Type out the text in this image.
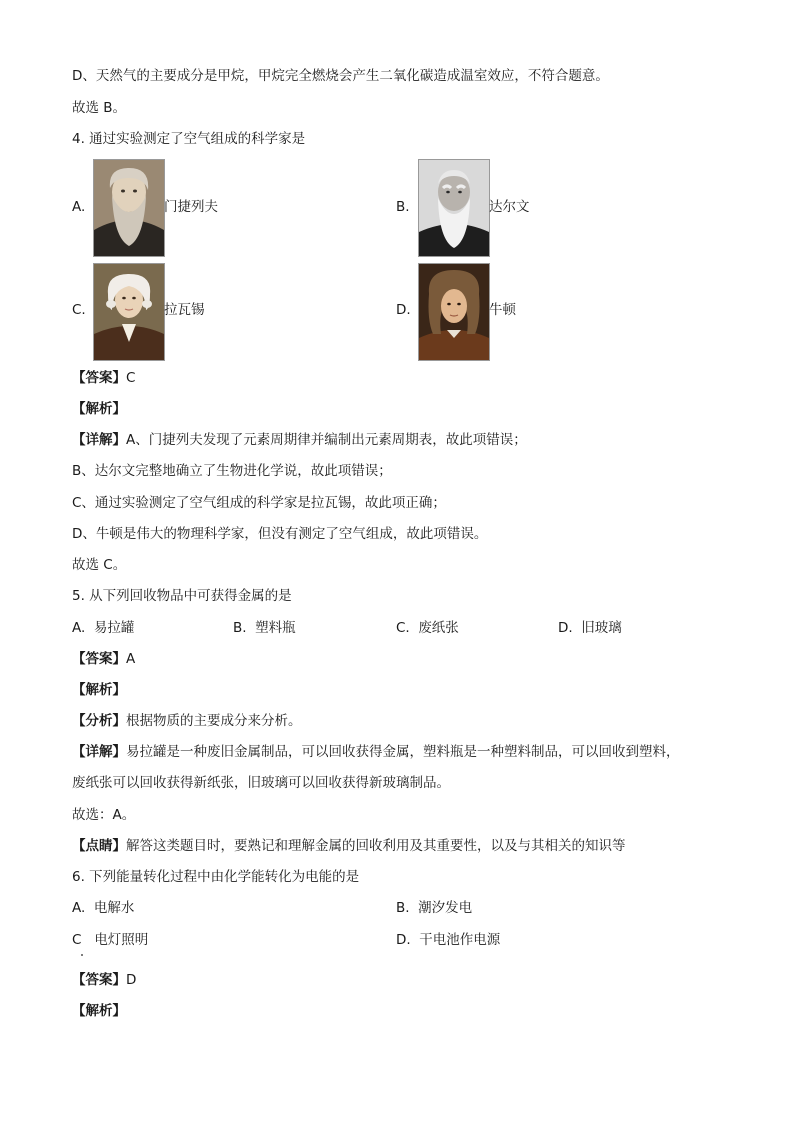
D、天然气的主要成分是甲烷，甲烷完全燃烧会产生二氧化碳造成温室效应，不符合题意。
故选 B。
4. 通过实验测定了空气组成的科学家是
A.	门捷列夫	B.	达尔文
C.	拉瓦锡	D.	牛顿
【答案】C
【解析】
【详解】A、门捷列夫发现了元素周期律并编制出元素周期表，故此项错误；
B、达尔文完整地确立了生物进化学说，故此项错误；
C、通过实验测定了空气组成的科学家是拉瓦锡，故此项正确；
D、牛顿是伟大的物理科学家，但没有测定了空气组成，故此项错误。
故选 C。
5. 从下列回收物品中可获得金属的是
A. 易拉罐	B. 塑料瓶	C. 废纸张	D. 旧玻璃
【答案】A
【解析】
【分析】根据物质的主要成分来分析。
【详解】易拉罐是一种废旧金属制品，可以回收获得金属，塑料瓶是一种塑料制品，可以回收到塑料，
废纸张可以回收获得新纸张，旧玻璃可以回收获得新玻璃制品。
故选：A。
【点睛】解答这类题目时，要熟记和理解金属的回收利用及其重要性，以及与其相关的知识等
6. 下列能量转化过程中由化学能转化为电能的是
A. 电解水	B. 潮汐发电
C 电灯照明	D. 干电池作电源
【答案】D
【解析】
